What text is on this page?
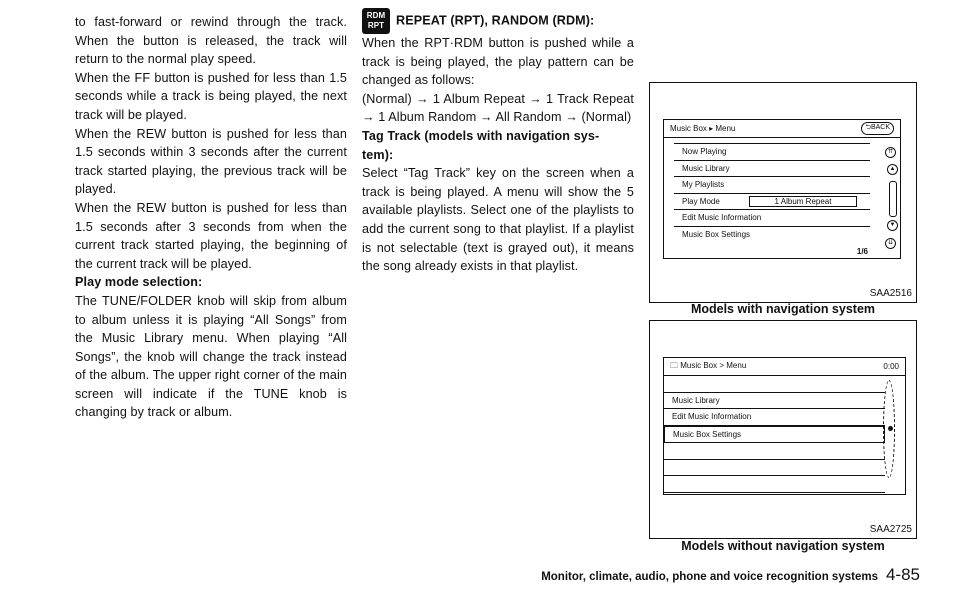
to fast-forward or rewind through the track. When the button is released, the track will return to the normal play speed.

When the FF button is pushed for less than 1.5 seconds while a track is being played, the next track will be played.

When the REW button is pushed for less than 1.5 seconds within 3 seconds after the current track started playing, the previous track will be played.

When the REW button is pushed for less than 1.5 seconds after 3 seconds from when the current track started playing, the beginning of the current track will be played.

Play mode selection:

The TUNE/FOLDER knob will skip from album to album unless it is playing “All Songs” from the Music Library menu. When playing “All Songs”, the knob will change the track instead of the album. The upper right corner of the main screen will indicate if the TUNE knob is changing by track or album.

RDM
RPT REPEAT (RPT), RANDOM (RDM):

When the RPT·RDM button is pushed while a track is being played, the play pattern can be changed as follows:

(Normal) → 1 Album Repeat → 1 Track Repeat → 1 Album Random → All Random → (Normal)

Tag Track (models with navigation sys- tem):

Select “Tag Track” key on the screen when a track is being played. A menu will show the 5 available playlists. Select one of the playlists to add the current song to that playlist. If a playlist is not selectable (text is grayed out), it means the song already exists in that playlist.

Music Box ▸ Menu	⮌BACK
Now Playing
Music Library
My Playlists
Play Mode	1 Album Repeat
Edit Music Information
Music Box Settings
1/6
⇈
▲
▼
⇊
SAA2516
Models with navigation system
🗀 Music Box > Menu	0:00
Music Library
Edit Music Information
Music Box Settings
SAA2725
Models without navigation system
Monitor, climate, audio, phone and voice recognition systems 4-85
